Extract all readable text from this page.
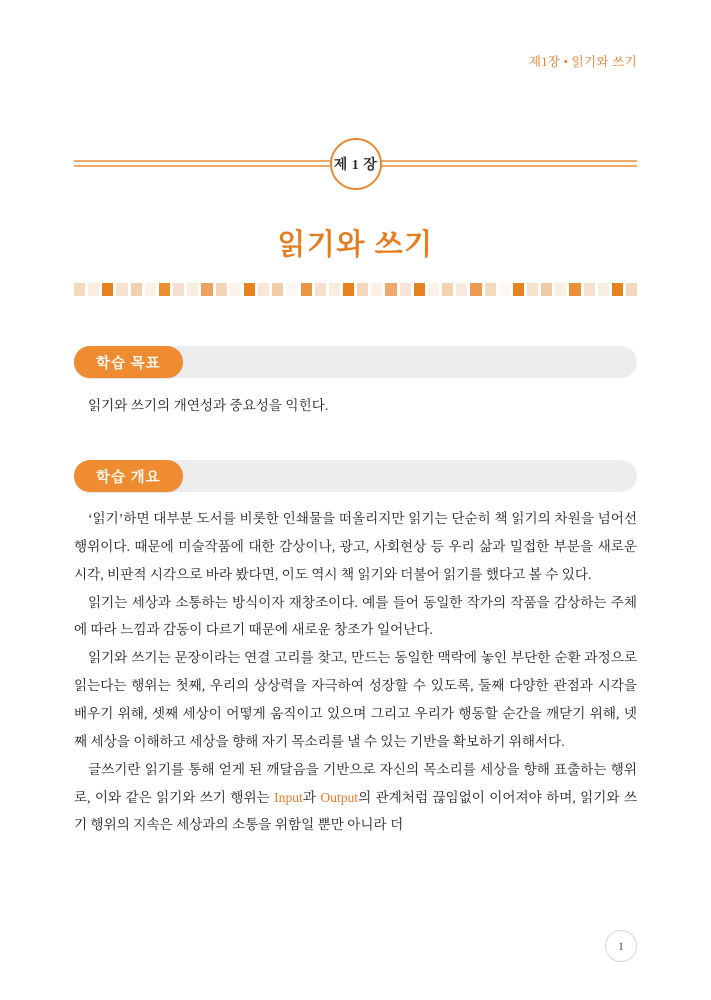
제1장 • 읽기와 쓰기
제 1 장
읽기와 쓰기
학습 목표

읽기와 쓰기의 개연성과 중요성을 익힌다.

학습 개요

‘읽기’하면 대부분 도서를 비롯한 인쇄물을 떠올리지만 읽기는 단순히 책 읽기의 차원을 넘어선 행위이다. 때문에 미술작품에 대한 감상이나, 광고, 사회현상 등 우리 삶과 밀접한 부분을 새로운 시각, 비판적 시각으로 바라 봤다면, 이도 역시 책 읽기와 더불어 읽기를 했다고 볼 수 있다.

읽기는 세상과 소통하는 방식이자 재창조이다. 예를 들어 동일한 작가의 작품을 감상하는 주체에 따라 느낌과 감동이 다르기 때문에 새로운 창조가 일어난다.

읽기와 쓰기는 문장이라는 연결 고리를 찾고, 만드는 동일한 맥락에 놓인 부단한 순환 과정으로 읽는다는 행위는 첫째, 우리의 상상력을 자극하여 성장할 수 있도록, 둘째 다양한 관점과 시각을 배우기 위해, 셋째 세상이 어떻게 움직이고 있으며 그리고 우리가 행동할 순간을 깨닫기 위해, 넷째 세상을 이해하고 세상을 향해 자기 목소리를 낼 수 있는 기반을 확보하기 위해서다.

글쓰기란 읽기를 통해 얻게 된 깨달음을 기반으로 자신의 목소리를 세상을 향해 표출하는 행위로, 이와 같은 읽기와 쓰기 행위는 Input과 Output의 관계처럼 끊임없이 이어져야 하며, 읽기와 쓰기 행위의 지속은 세상과의 소통을 위함일 뿐만 아니라 더

1
